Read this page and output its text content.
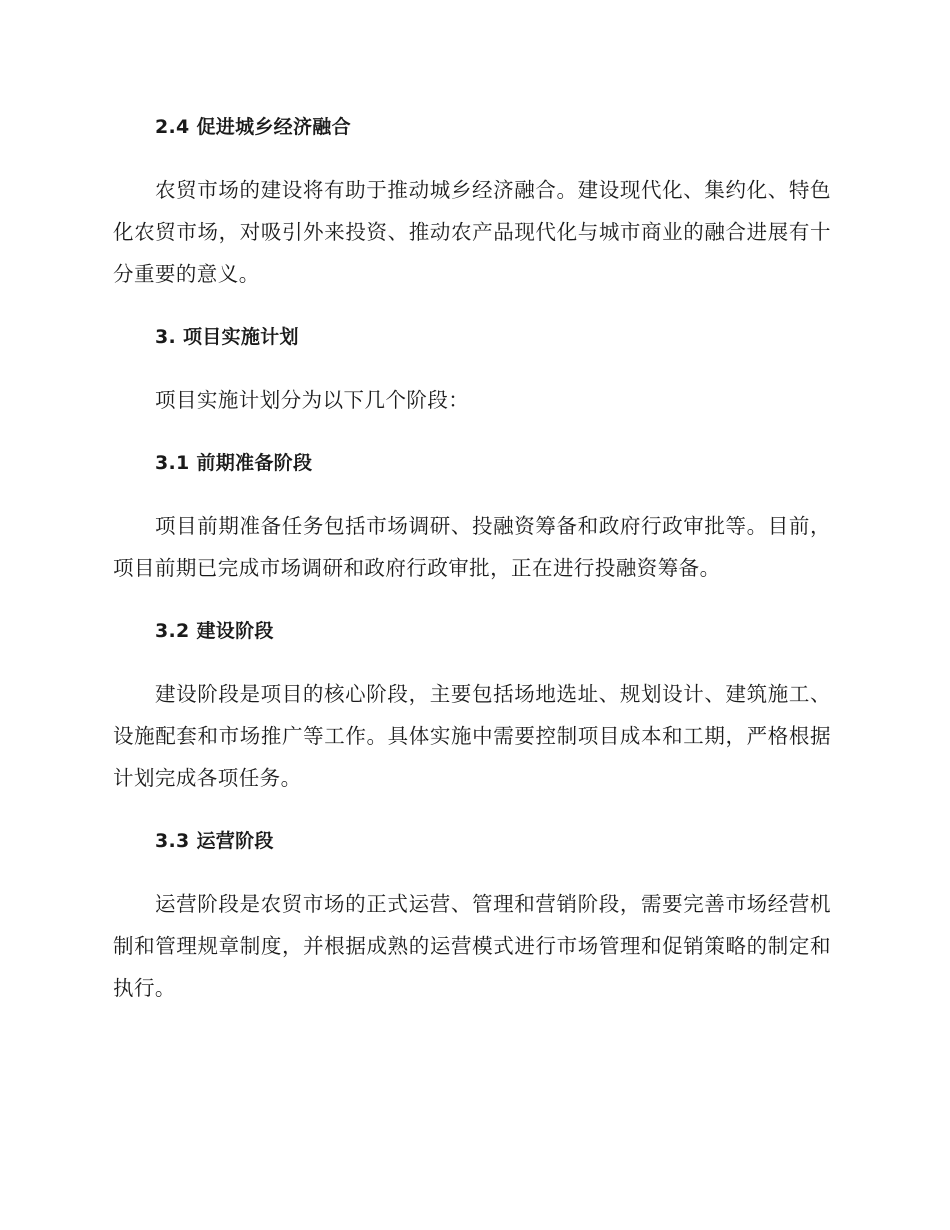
2.4 促进城乡经济融合

农贸市场的建设将有助于推动城乡经济融合。建设现代化、集约化、特色化农贸市场，对吸引外来投资、推动农产品现代化与城市商业的融合进展有十分重要的意义。

3. 项目实施计划

项目实施计划分为以下几个阶段：

3.1 前期准备阶段

项目前期准备任务包括市场调研、投融资筹备和政府行政审批等。目前，项目前期已完成市场调研和政府行政审批，正在进行投融资筹备。

3.2 建设阶段

建设阶段是项目的核心阶段，主要包括场地选址、规划设计、建筑施工、设施配套和市场推广等工作。具体实施中需要控制项目成本和工期，严格根据计划完成各项任务。

3.3 运营阶段

运营阶段是农贸市场的正式运营、管理和营销阶段，需要完善市场经营机制和管理规章制度，并根据成熟的运营模式进行市场管理和促销策略的制定和执行。
